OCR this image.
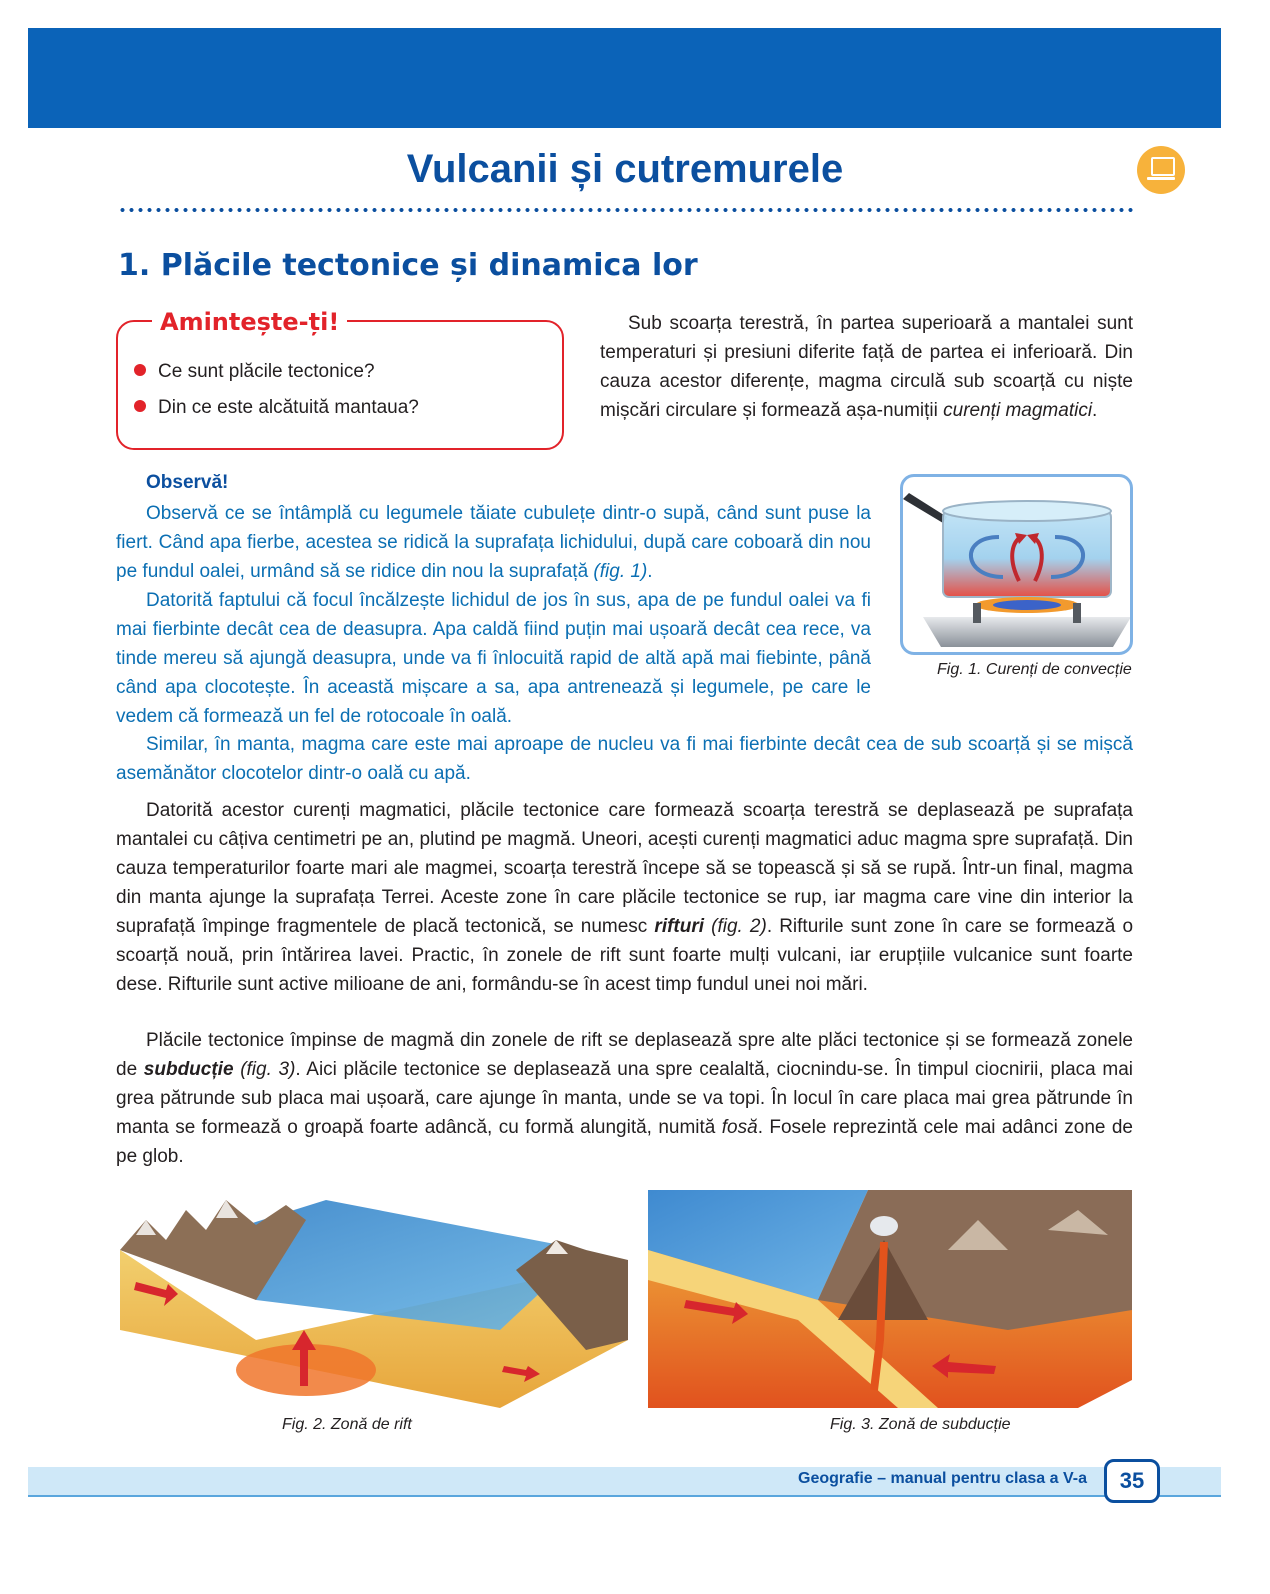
Vulcanii și cutremurele
1. Plăcile tectonice și dinamica lor
Amintește-ți!
Ce sunt plăcile tectonice?
Din ce este alcătuită mantaua?

Sub scoarța terestră, în partea superioară a mantalei sunt temperaturi și presiuni diferite față de partea ei inferioară. Din cauza acestor diferențe, magma circulă sub scoarță cu niște mișcări circulare și formează așa-numiții curenți magmatici.

Observă!

Observă ce se întâmplă cu legumele tăiate cubulețe dintr-o supă, când sunt puse la fiert. Când apa fierbe, acestea se ridică la suprafața lichidului, după care coboară din nou pe fundul oalei, urmând să se ridice din nou la suprafață (fig. 1).

Datorită faptului că focul încălzește lichidul de jos în sus, apa de pe fundul oalei va fi mai fierbinte decât cea de deasupra. Apa caldă fiind puțin mai ușoară decât cea rece, va tinde mereu să ajungă deasupra, unde va fi înlocuită rapid de altă apă mai fiebinte, până când apa clocotește. În această mișcare a sa, apa antrenează și legumele, pe care le vedem că formează un fel de rotocoale în oală.

Similar, în manta, magma care este mai aproape de nucleu va fi mai fierbinte decât cea de sub scoarță și se mișcă asemănător clocotelor dintr-o oală cu apă.

Fig. 1. Curenți de convecție

Datorită acestor curenți magmatici, plăcile tectonice care formează scoarța terestră se deplasează pe suprafața mantalei cu câțiva centimetri pe an, plutind pe magmă. Uneori, acești curenți magmatici aduc magma spre suprafață. Din cauza temperaturilor foarte mari ale magmei, scoarța terestră începe să se topească și să se rupă. Într-un final, magma din manta ajunge la suprafața Terrei. Aceste zone în care plăcile tectonice se rup, iar magma care vine din interior la suprafață împinge fragmentele de placă tectonică, se numesc rifturi (fig. 2). Rifturile sunt zone în care se formează o scoarță nouă, prin întărirea lavei. Practic, în zonele de rift sunt foarte mulți vulcani, iar erupțiile vulcanice sunt foarte dese. Rifturile sunt active milioane de ani, formându-se în acest timp fundul unei noi mări.

Plăcile tectonice împinse de magmă din zonele de rift se deplasează spre alte plăci tectonice și se formează zonele de subducție (fig. 3). Aici plăcile tectonice se deplasează una spre cealaltă, ciocnindu-se. În timpul ciocnirii, placa mai grea pătrunde sub placa mai ușoară, care ajunge în manta, unde se va topi. În locul în care placa mai grea pătrunde în manta se formează o groapă foarte adâncă, cu formă alungită, numită fosă. Fosele reprezintă cele mai adânci zone de pe glob.

Fig. 2. Zonă de rift	Fig. 3. Zonă de subducție
Geografie – manual pentru clasa a V-a	35
